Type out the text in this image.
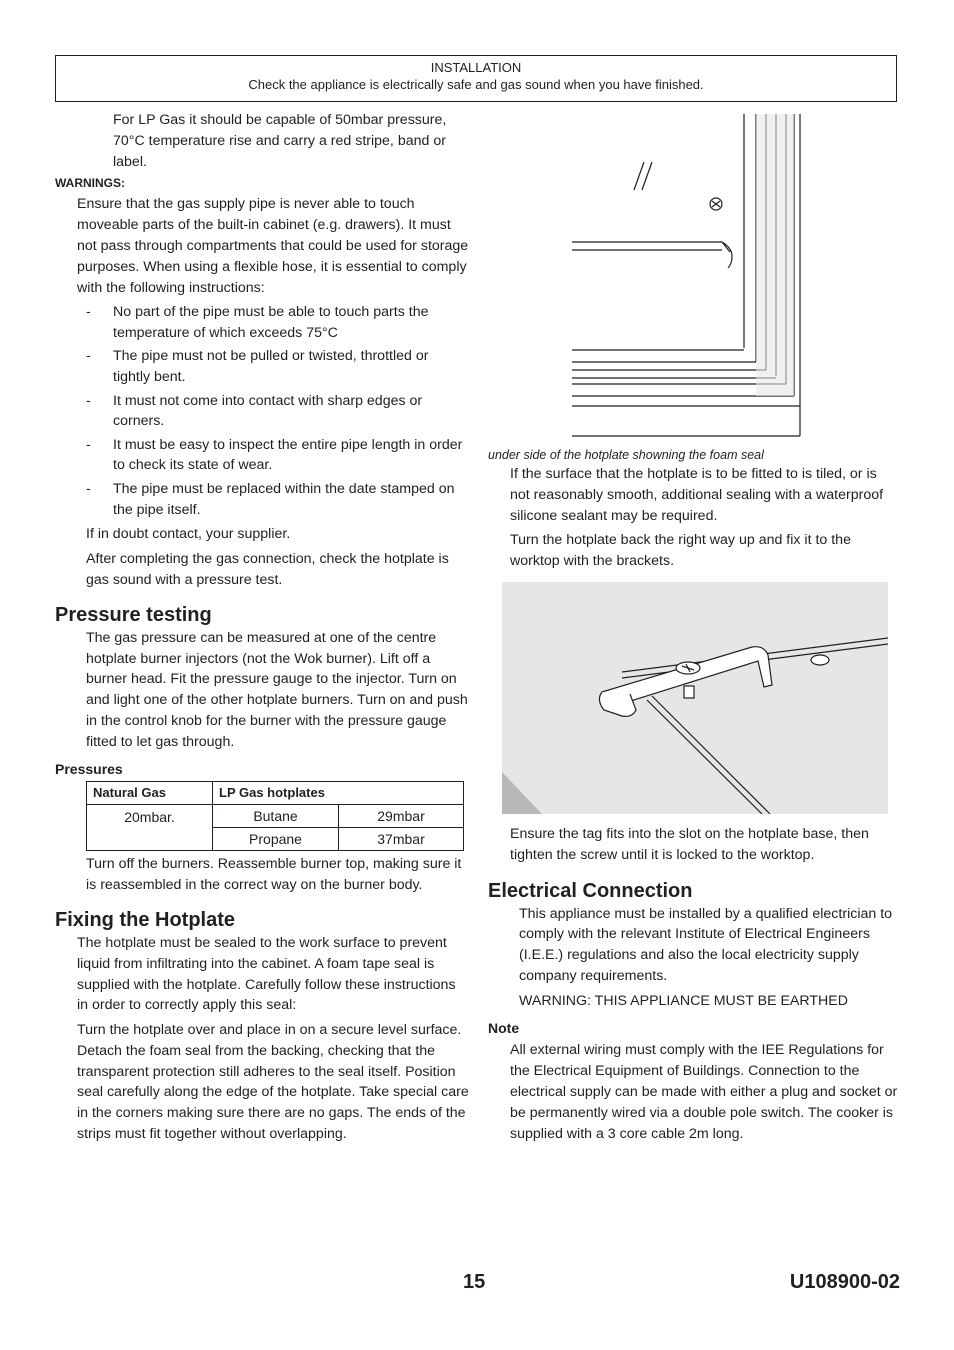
INSTALLATION
Check the appliance is electrically safe and gas sound when you have finished.

For LP Gas it should be capable of 50mbar pressure, 70°C temperature rise and carry a red stripe, band or label.

WARNINGS:

Ensure that the gas supply pipe is never able to touch moveable parts of the built-in cabinet (e.g. drawers). It must not pass through compartments that could be used for storage purposes. When using a flexible hose, it is essential to comply with the following instructions:

- No part of the pipe must be able to touch parts the temperature of which exceeds 75°C
- The pipe must not be pulled or twisted, throttled or tightly bent.
- It must not come into contact with sharp edges or corners.
- It must be easy to inspect the entire pipe length in order to check its state of wear.
- The pipe must be replaced within the date stamped on the pipe itself.

If in doubt contact, your supplier.

After completing the gas connection, check the hotplate is gas sound with a pressure test.

Pressure testing

The gas pressure can be measured at one of the centre hotplate burner injectors (not the Wok burner). Lift off a burner head. Fit the pressure gauge to the injector. Turn on and light one of the other hotplate burners. Turn on and push in the control knob for the burner with the pressure gauge fitted to let gas through.

Pressures
Natural Gas	LP Gas hotplates	
20mbar.	Butane	29mbar
	Propane	37mbar

Turn off the burners. Reassemble burner top, making sure it is reassembled in the correct way on the burner body.

Fixing the Hotplate

The hotplate must be sealed to the work surface to prevent liquid from infiltrating into the cabinet. A foam tape seal is supplied with the hotplate. Carefully follow these instructions in order to correctly apply this seal:

Turn the hotplate over and place in on a secure level surface. Detach the foam seal from the backing, checking that the transparent protection still adheres to the seal itself. Position seal carefully along the edge of the hotplate. Take special care in the corners making sure there are no gaps. The ends of the strips must fit together without overlapping.

under side of the hotplate showning the foam seal

If the surface that the hotplate is to be fitted to is tiled, or is not reasonably smooth, additional sealing with a waterproof silicone sealant may be required.

Turn the hotplate back the right way up and fix it to the worktop with the brackets.

Ensure the tag fits into the slot on the hotplate base, then tighten the screw until it is locked to the worktop.

Electrical Connection

This appliance must be installed by a qualified electrician to comply with the relevant Institute of Electrical Engineers (I.E.E.) regulations and also the local electricity supply company requirements.

WARNING: THIS APPLIANCE MUST BE EARTHED

Note

All external wiring must comply with the IEE Regulations for the Electrical Equipment of Buildings. Connection to the electrical supply can be made with either a plug and socket or be permanently wired via a double pole switch. The cooker is supplied with a 3 core cable 2m long.

15	U108900-02
